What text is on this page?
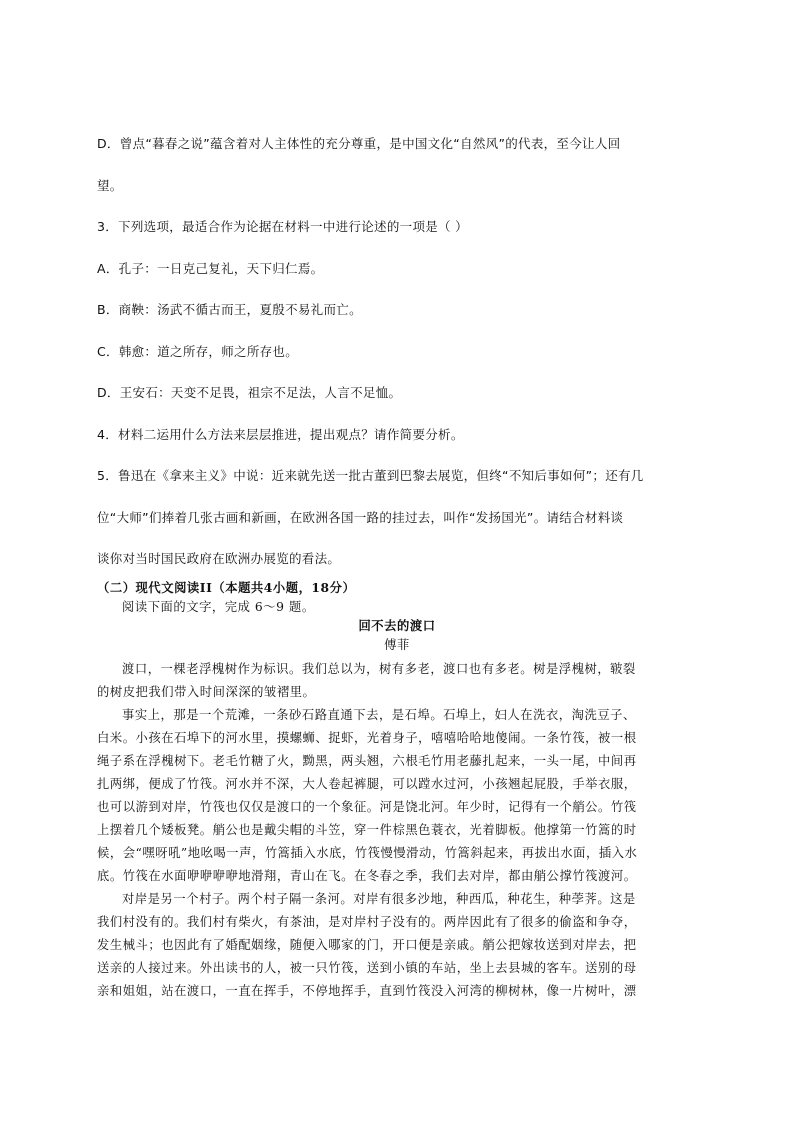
D．曾点“暮春之说”蕴含着对人主体性的充分尊重，是中国文化“自然风”的代表，至今让人回
望。
3．下列选项，最适合作为论据在材料一中进行论述的一项是（ ）
A．孔子：一日克己复礼，天下归仁焉。
B．商鞅：汤武不循古而王，夏殷不易礼而亡。
C．韩愈：道之所存，师之所存也。
D．王安石：天变不足畏，祖宗不足法，人言不足恤。
4．材料二运用什么方法来层层推进，提出观点？请作简要分析。
5．鲁迅在《拿来主义》中说：近来就先送一批古董到巴黎去展览，但终“不知后事如何”；还有几
位“大师”们捧着几张古画和新画，在欧洲各国一路的挂过去，叫作“发扬国光”。请结合材料谈
谈你对当时国民政府在欧洲办展览的看法。
（二）现代文阅读II（本题共4小题，18分）
阅读下面的文字，完成 6～9 题。
回不去的渡口
傅菲
渡口，一棵老浮槐树作为标识。我们总以为，树有多老，渡口也有多老。树是浮槐树，皲裂
的树皮把我们带入时间深深的皱褶里。
事实上，那是一个荒滩，一条砂石路直通下去，是石埠。石埠上，妇人在洗衣，淘洗豆子、
白米。小孩在石埠下的河水里，摸螺蛳、捉虾，光着身子，嘻嘻哈哈地傻闹。一条竹筏，被一根
绳子系在浮槐树下。老毛竹糖了火，黝黑，两头翘，六根毛竹用老藤扎起来，一头一尾，中间再
扎两绑，便成了竹筏。河水并不深，大人卷起裤腿，可以蹚水过河，小孩翘起屁股，手举衣服，
也可以游到对岸，竹筏也仅仅是渡口的一个象征。河是饶北河。年少时，记得有一个艄公。竹筏
上摆着几个矮板凳。艄公也是戴尖帽的斗笠，穿一件棕黑色蓑衣，光着脚板。他撑第一竹篙的时
候，会“嘿呀吼”地吆喝一声，竹篙插入水底，竹筏慢慢滑动，竹篙斜起来，再拔出水面，插入水
底。竹筏在水面咿咿咿咿地滑翔，青山在飞。在冬春之季，我们去对岸，都由艄公撑竹筏渡河。
对岸是另一个村子。两个村子隔一条河。对岸有很多沙地，种西瓜，种花生，种荸荠。这是
我们村没有的。我们村有柴火，有茶油，是对岸村子没有的。两岸因此有了很多的偷盗和争夺，
发生械斗；也因此有了婚配姻缘，随便入哪家的门，开口便是亲戚。艄公把嫁妆送到对岸去，把
送亲的人接过来。外出读书的人，被一只竹筏，送到小镇的车站，坐上去县城的客车。送别的母
亲和姐姐，站在渡口，一直在挥手，不停地挥手，直到竹筏没入河湾的柳树林，像一片树叶，漂
